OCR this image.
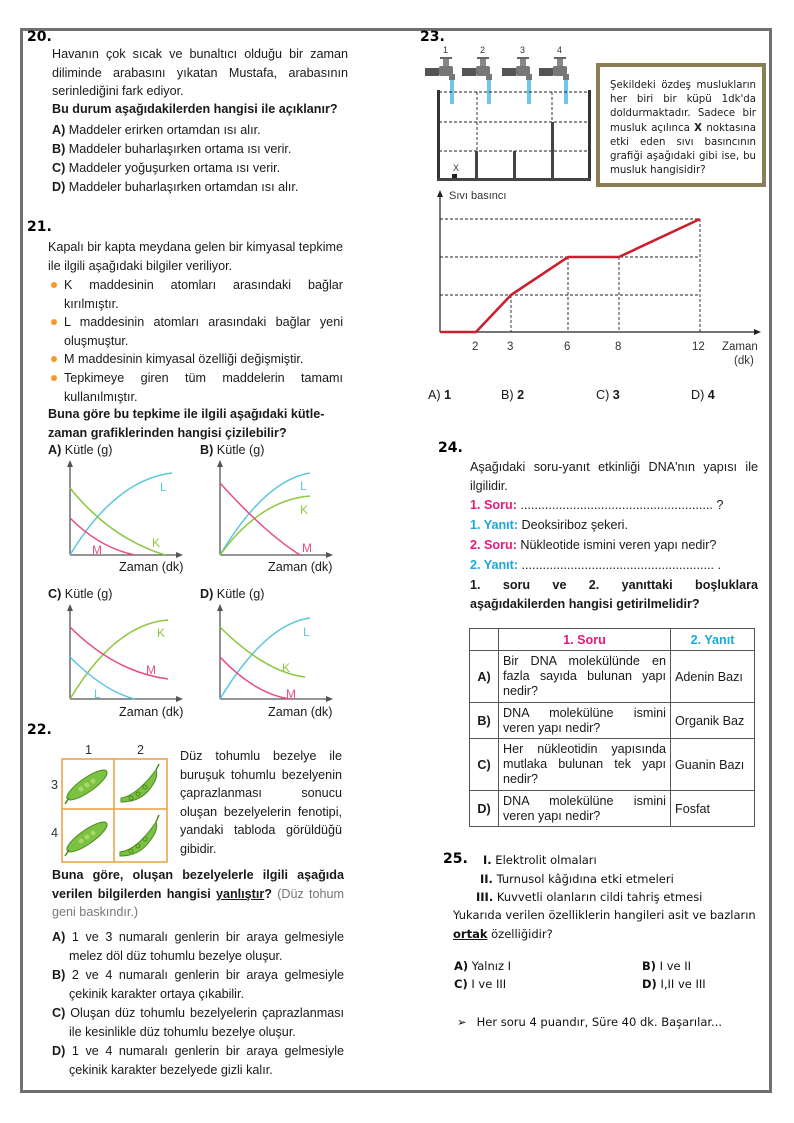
20.
Havanın çok sıcak ve bunaltıcı olduğu bir zaman diliminde arabasını yıkatan Mustafa, arabasının serinlediğini fark ediyor.
Bu durum aşağıdakilerden hangisi ile açıklanır?
A) Maddeler erirken ortamdan ısı alır.
B) Maddeler buharlaşırken ortama ısı verir.
C) Maddeler yoğuşurken ortama ısı verir.
D) Maddeler buharlaşırken ortamdan ısı alır.
21.
Kapalı bir kapta meydana gelen bir kimyasal tepkime ile ilgili aşağıdaki bilgiler veriliyor.
K maddesinin atomları arasındaki bağlar kırılmıştır.
L maddesinin atomları arasındaki bağlar yeni oluşmuştur.
M maddesinin kimyasal özelliği değişmiştir.
Tepkimeye giren tüm maddelerin tamamı kullanılmıştır.
Buna göre bu tepkime ile ilgili aşağıdaki kütle-zaman grafiklerinden hangisi çizilebilir?
A) Kütle (g)
L
K
M
Zaman (dk)
B) Kütle (g)
L
K
M
Zaman (dk)
C) Kütle (g)
K
M
L
Zaman (dk)
D) Kütle (g)
L
K
M
Zaman (dk)
22.
1	2
3
4
Düz tohumlu bezelye ile buruşuk tohumlu bezelyenin çaprazlanması sonucu oluşan bezelyelerin fenotipi, yandaki tabloda görüldüğü gibidir.
Buna göre, oluşan bezelyelerle ilgili aşağıda verilen bilgilerden hangisi yanlıştır? (Düz tohum geni baskındır.)
A) 1 ve 3 numaralı genlerin bir araya gelmesiyle melez döl düz tohumlu bezelye oluşur.
B) 2 ve 4 numaralı genlerin bir araya gelmesiyle çekinik karakter ortaya çıkabilir.
C) Oluşan düz tohumlu bezelyelerin çaprazlanması ile kesinlikle düz tohumlu bezelye oluşur.
D) 1 ve 4 numaralı genlerin bir araya gelmesiyle çekinik karakter bezelyede gizli kalır.
23.
1	2	3	4
X
Şekildeki özdeş muslukların her biri bir küpü 1dk'da doldurmaktadır. Sadece bir musluk açılınca X noktasına etki eden sıvı basıncının grafiği aşağıdaki gibi ise, bu musluk hangisidir?
Sıvı basıncı
2 3	6	8	12 Zaman
(dk)
A) 1	B) 2	C) 3	D) 4
24.
Aşağıdaki soru-yanıt etkinliği DNA'nın yapısı ile ilgilidir.
1. Soru: ....................................................... ?
1. Yanıt: Deoksiriboz şekeri.
2. Soru: Nükleotide ismini veren yapı nedir?
2. Yanıt: ....................................................... .
1. soru ve 2. yanıttaki boşluklara aşağıdakilerden hangisi getirilmelidir?
	1. Soru	2. Yanıt
A)	Bir DNA molekülünde en fazla sayıda bulunan yapı nedir?	Adenin Bazı
B)	DNA molekülüne ismini veren yapı nedir?	Organik Baz
C)	Her nükleotidin yapısında mutlaka bulunan tek yapı nedir?	Guanin Bazı
D)	DNA molekülüne ismini veren yapı nedir?	Fosfat
25. I. Elektrolit olmaları
II. Turnusol kâğıdına etki etmeleri
III. Kuvvetli olanların cildi tahriş etmesi
Yukarıda verilen özelliklerin hangileri asit ve bazların ortak özelliğidir?
A) Yalnız I	B) I ve II
C) I ve III	D) I,II ve III
➢ Her soru 4 puandır, Süre 40 dk. Başarılar...
